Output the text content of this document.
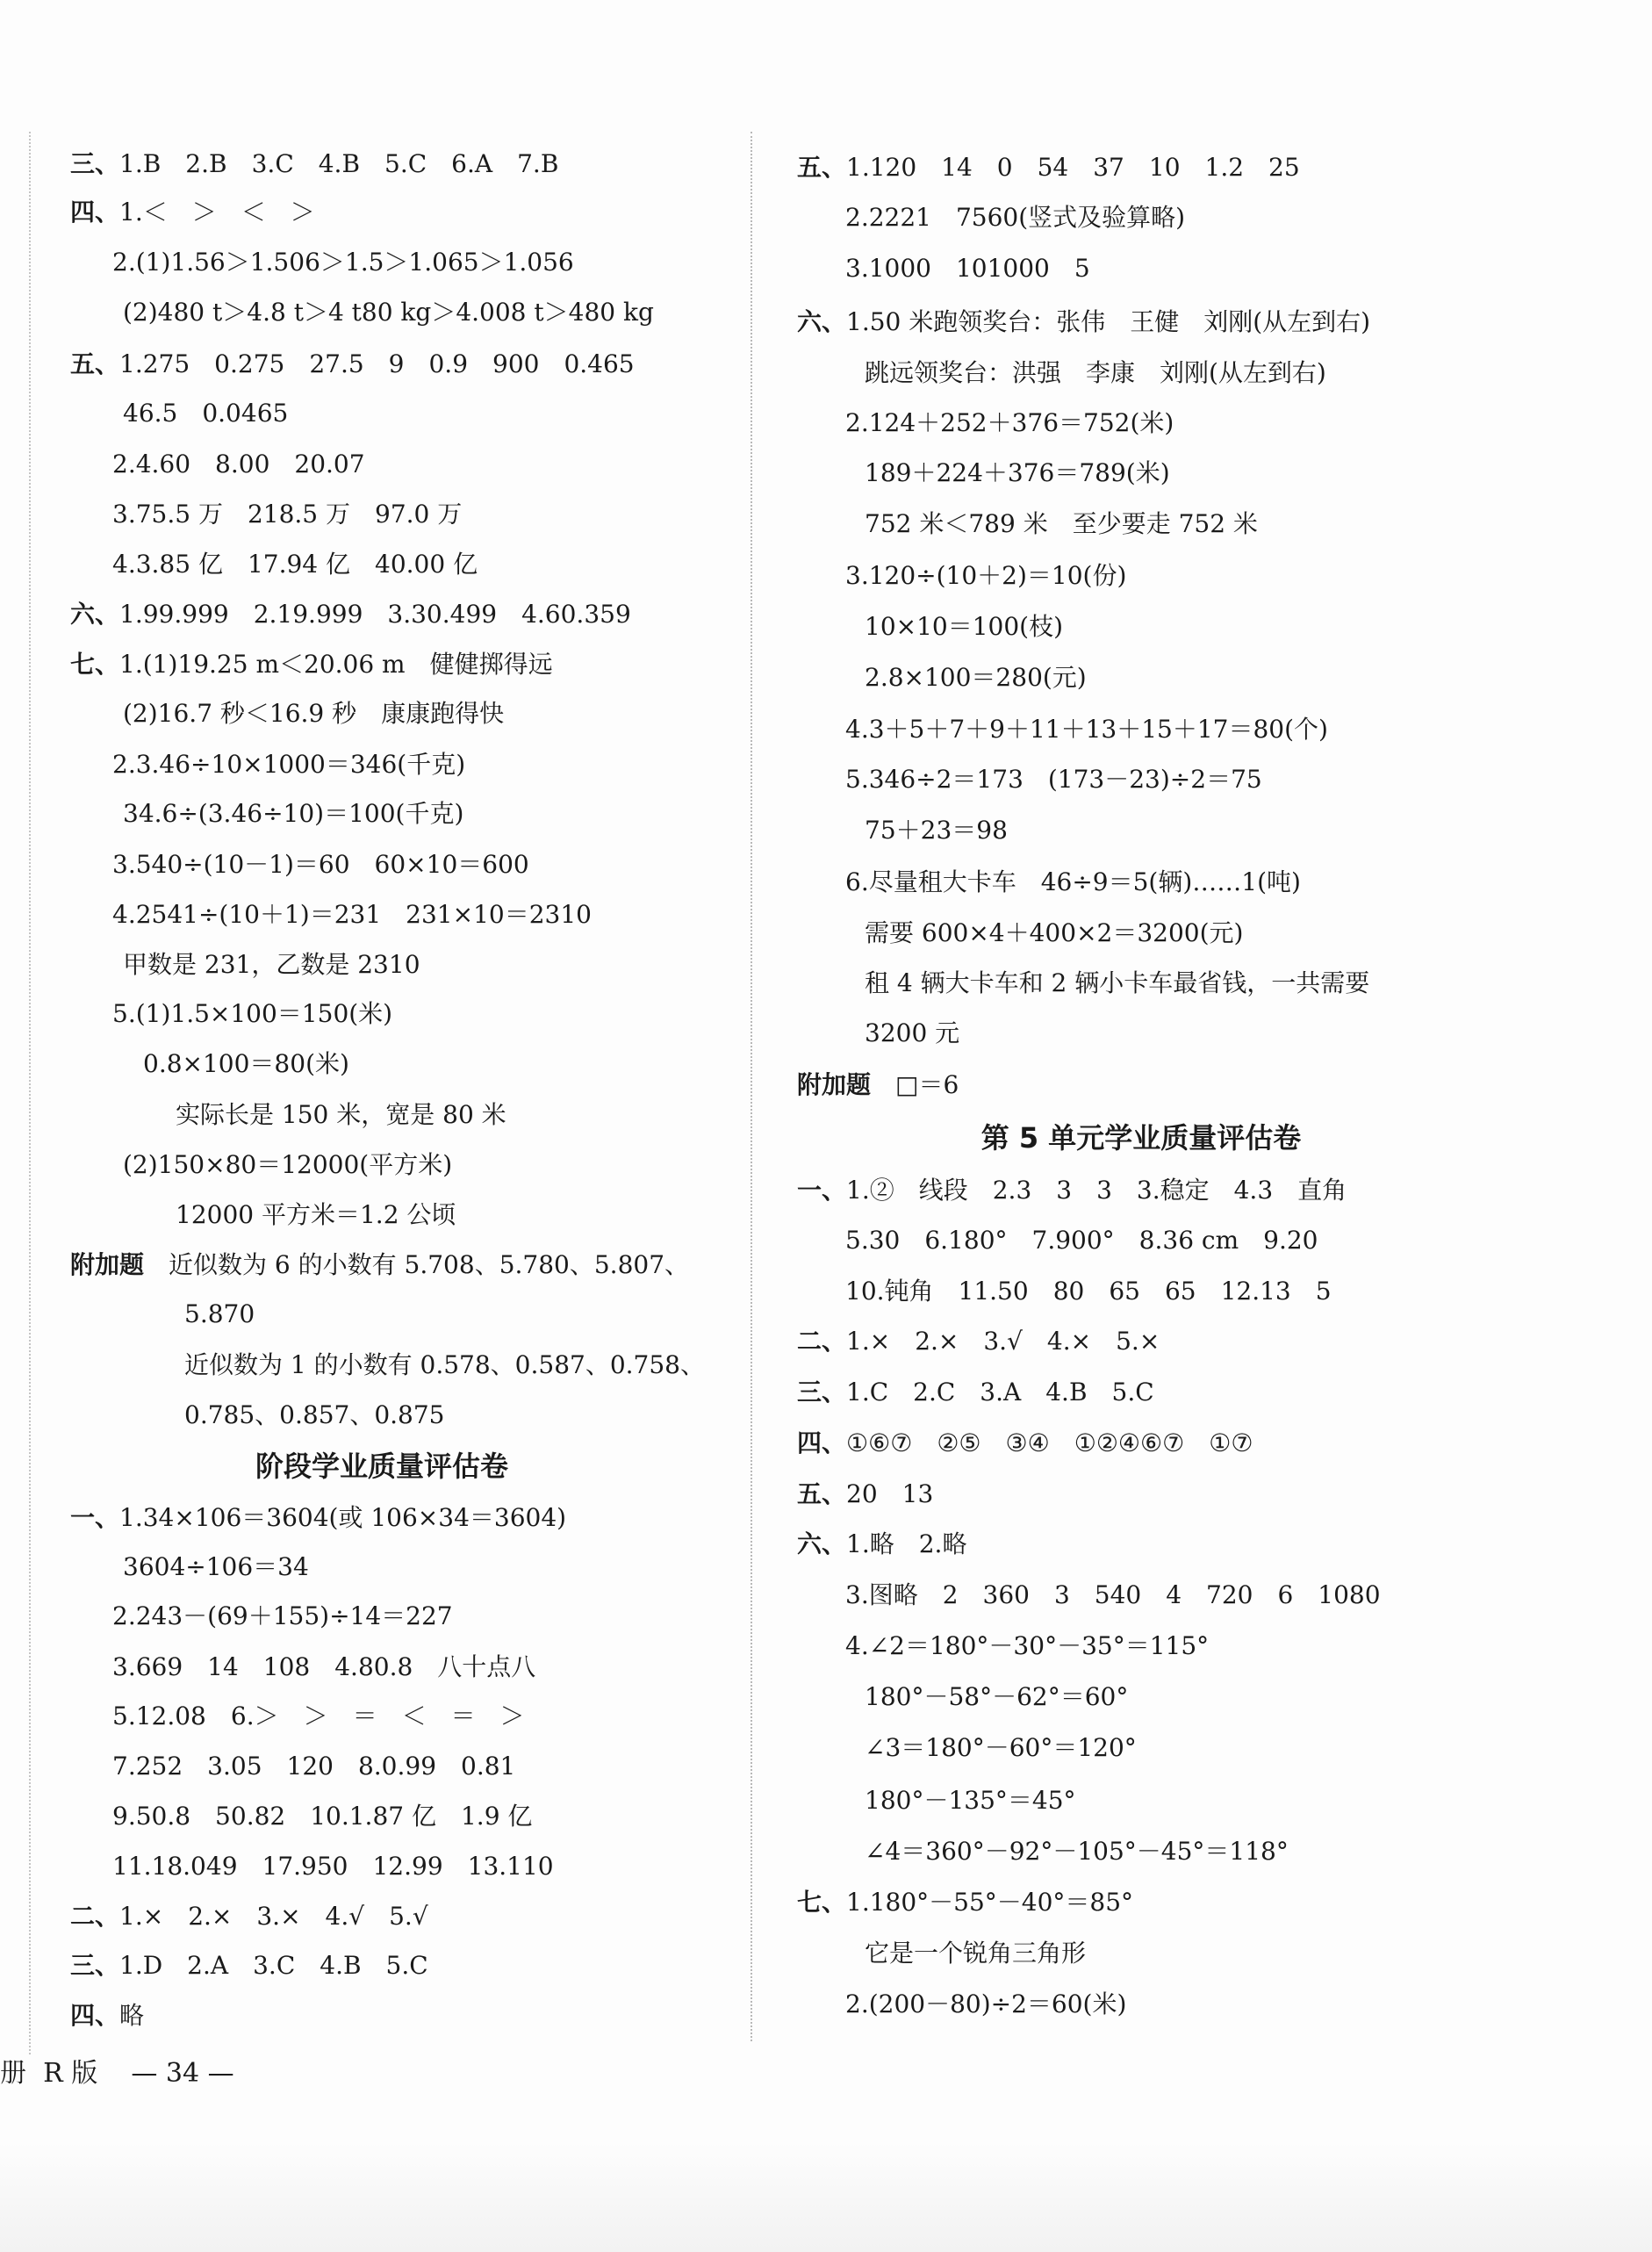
三、1.B　2.B　3.C　4.B　5.C　6.A　7.B
四、1.＜　＞　＜　＞
2.(1)1.56＞1.506＞1.5＞1.065＞1.056
(2)480 t＞4.8 t＞4 t80 kg＞4.008 t＞480 kg
五、1.275　0.275　27.5　9　0.9　900　0.465
46.5　0.0465
2.4.60　8.00　20.07
3.75.5 万　218.5 万　97.0 万
4.3.85 亿　17.94 亿　40.00 亿
六、1.99.999　2.19.999　3.30.499　4.60.359
七、1.(1)19.25 m＜20.06 m　健健掷得远
(2)16.7 秒＜16.9 秒　康康跑得快
2.3.46÷10×1000＝346(千克)
34.6÷(3.46÷10)＝100(千克)
3.540÷(10－1)＝60　60×10＝600
4.2541÷(10＋1)＝231　231×10＝2310
甲数是 231，乙数是 2310
5.(1)1.5×100＝150(米)
0.8×100＝80(米)
实际长是 150 米，宽是 80 米
(2)150×80＝12000(平方米)
12000 平方米＝1.2 公顷
附加题　近似数为 6 的小数有 5.708、5.780、5.807、
5.870
近似数为 1 的小数有 0.578、0.587、0.758、
0.785、0.857、0.875
阶段学业质量评估卷
一、1.34×106＝3604(或 106×34＝3604)
3604÷106＝34
2.243－(69＋155)÷14＝227
3.669　14　108　4.80.8　八十点八
5.12.08　6.＞　＞　＝　＜　＝　＞
7.252　3.05　120　8.0.99　0.81
9.50.8　50.82　10.1.87 亿　1.9 亿
11.18.049　17.950　12.99　13.110
二、1.×　2.×　3.×　4.√　5.√
三、1.D　2.A　3.C　4.B　5.C
四、略
五、1.120　14　0　54　37　10　1.2　25
2.2221　7560(竖式及验算略)
3.1000　101000　5
六、1.50 米跑领奖台：张伟　王健　刘刚(从左到右)
跳远领奖台：洪强　李康　刘刚(从左到右)
2.124＋252＋376＝752(米)
189＋224＋376＝789(米)
752 米＜789 米　至少要走 752 米
3.120÷(10＋2)＝10(份)
10×10＝100(枝)
2.8×100＝280(元)
4.3＋5＋7＋9＋11＋13＋15＋17＝80(个)
5.346÷2＝173　(173－23)÷2＝75
75＋23＝98
6.尽量租大卡车　46÷9＝5(辆)……1(吨)
需要 600×4＋400×2＝3200(元)
租 4 辆大卡车和 2 辆小卡车最省钱，一共需要
3200 元
附加题　□＝6
第 5 单元学业质量评估卷
一、1.②　线段　2.3　3　3　3.稳定　4.3　直角
5.30　6.180°　7.900°　8.36 cm　9.20
10.钝角　11.50　80　65　65　12.13　5
二、1.×　2.×　3.√　4.×　5.×
三、1.C　2.C　3.A　4.B　5.C
四、①⑥⑦　②⑤　③④　①②④⑥⑦　①⑦
五、20　13
六、1.略　2.略
3.图略　2　360　3　540　4　720　6　1080
4.∠2＝180°－30°－35°＝115°
180°－58°－62°＝60°
∠3＝180°－60°＝120°
180°－135°＝45°
∠4＝360°－92°－105°－45°＝118°
七、1.180°－55°－40°＝85°
它是一个锐角三角形
2.(200－80)÷2＝60(米)
册  R 版    — 34 —
